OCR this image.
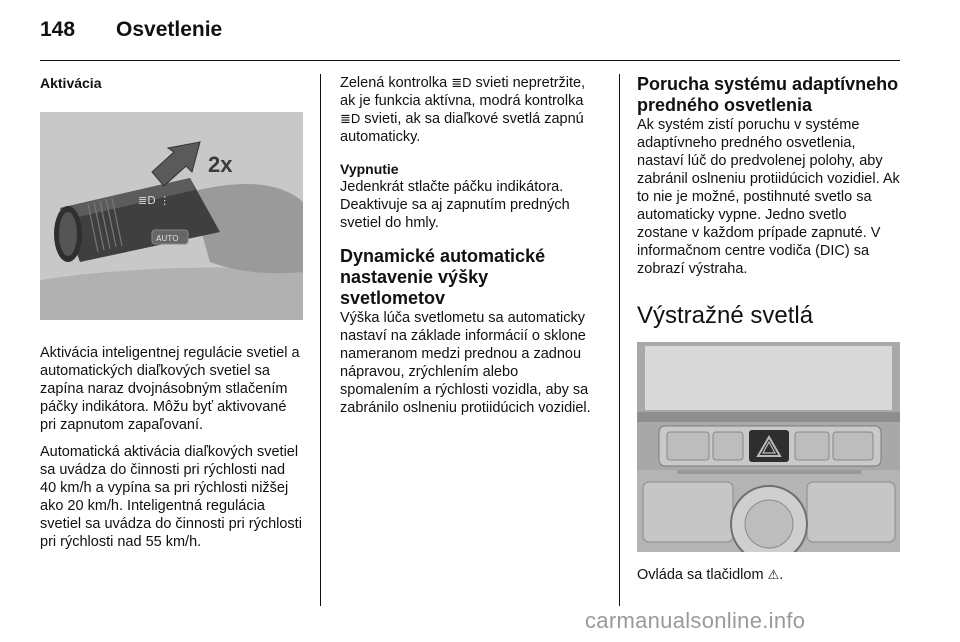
148	Osvetlenie
Aktivácia
≣D ⋮
AUTO
2x

Aktivácia inteligentnej regulácie svetiel a automatických diaľkových svetiel sa zapína naraz dvojnásobným stlačením páčky indikátora. Môžu byť aktivované pri zapnutom zapaľovaní.

Automatická aktivácia diaľkových svetiel sa uvádza do činnosti pri rýchlosti nad 40 km/h a vypína sa pri rýchlosti nižšej ako 20 km/h. Inteligentná regulácia svetiel sa uvádza do činnosti pri rýchlosti pri rýchlosti nad 55 km/h.

Zelená kontrolka ≣D svieti nepretržite, ak je funkcia aktívna, modrá kontrolka ≣D svieti, ak sa diaľkové svetlá zapnú automaticky.

Vypnutie

Jedenkrát stlačte páčku indikátora. Deaktivuje sa aj zapnutím predných svetiel do hmly.

Dynamické automatické nastavenie výšky svetlometov

Výška lúča svetlometu sa automaticky nastaví na základe informácií o sklone nameranom medzi prednou a zadnou nápravou, zrýchlením alebo spomalením a rýchlosti vozidla, aby sa zabránilo oslneniu protiidúcich vozidiel.

Porucha systému adaptívneho predného osvetlenia

Ak systém zistí poruchu v systéme adaptívneho predného osvetlenia, nastaví lúč do predvolenej polohy, aby zabránil oslneniu protiidúcich vozidiel. Ak to nie je možné, postihnuté svetlo sa automaticky vypne. Jedno svetlo zostane v každom prípade zapnuté. V informačnom centre vodiča (DIC) sa zobrazí výstraha.

Výstražné svetlá

Ovláda sa tlačidlom ⚠.

carmanualsonline.info
